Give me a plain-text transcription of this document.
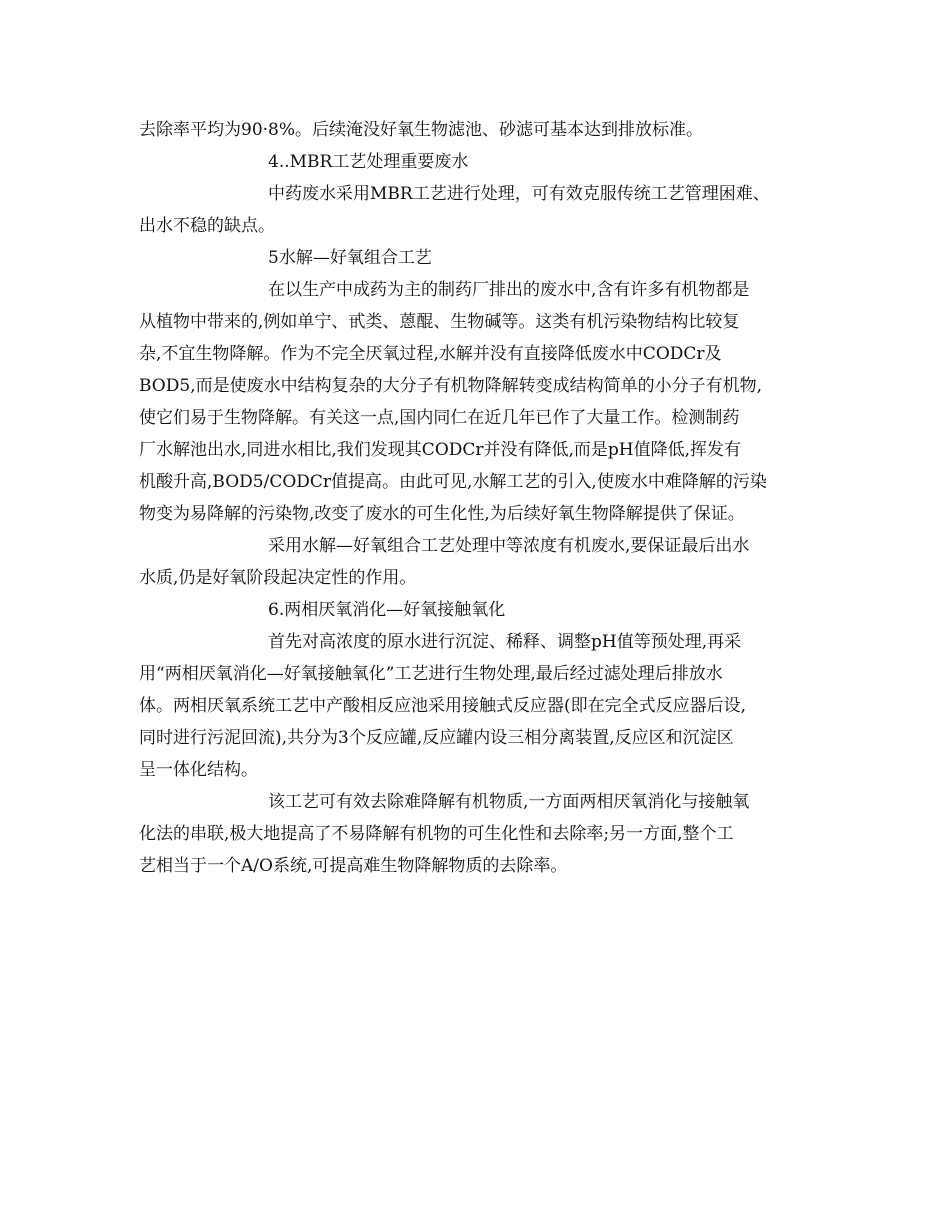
去除率平均为90·8%。后续淹没好氧生物滤池、砂滤可基本达到排放标准。
4..MBR工艺处理重要废水
中药废水采用MBR工艺进行处理，可有效克服传统工艺管理困难、
出水不稳的缺点。
5水解—好氧组合工艺
在以生产中成药为主的制药厂排出的废水中,含有许多有机物都是
从植物中带来的,例如单宁、甙类、蒽醌、生物碱等。这类有机污染物结构比较复
杂,不宜生物降解。作为不完全厌氧过程,水解并没有直接降低废水中CODCr及
BOD5,而是使废水中结构复杂的大分子有机物降解转变成结构简单的小分子有机物,
使它们易于生物降解。有关这一点,国内同仁在近几年已作了大量工作。检测制药
厂水解池出水,同进水相比,我们发现其CODCr并没有降低,而是pH值降低,挥发有
机酸升高,BOD5/CODCr值提高。由此可见,水解工艺的引入,使废水中难降解的污染
物变为易降解的污染物,改变了废水的可生化性,为后续好氧生物降解提供了保证。
采用水解—好氧组合工艺处理中等浓度有机废水,要保证最后出水
水质,仍是好氧阶段起决定性的作用。
6.两相厌氧消化—好氧接触氧化
首先对高浓度的原水进行沉淀、稀释、调整pH值等预处理,再采
用“两相厌氧消化—好氧接触氧化”工艺进行生物处理,最后经过滤处理后排放水
体。两相厌氧系统工艺中产酸相反应池采用接触式反应器(即在完全式反应器后设,
同时进行污泥回流),共分为3个反应罐,反应罐内设三相分离装置,反应区和沉淀区
呈一体化结构。
该工艺可有效去除难降解有机物质,一方面两相厌氧消化与接触氧
化法的串联,极大地提高了不易降解有机物的可生化性和去除率;另一方面,整个工
艺相当于一个A/O系统,可提高难生物降解物质的去除率。
